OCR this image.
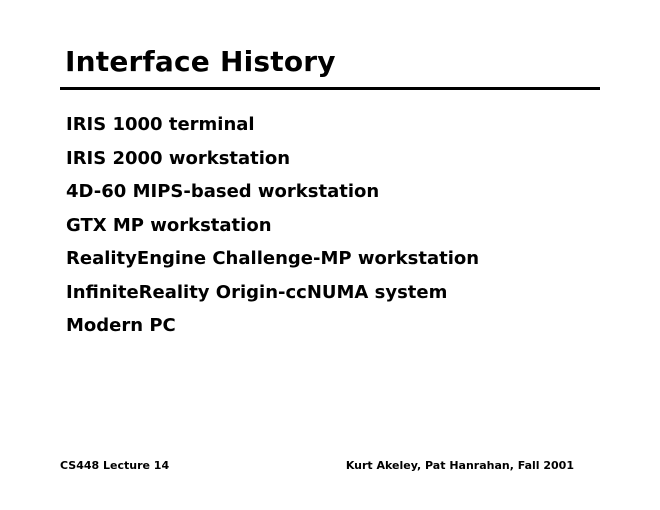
Interface History
IRIS 1000 terminal
IRIS 2000 workstation
4D-60 MIPS-based workstation
GTX MP workstation
RealityEngine Challenge-MP workstation
InfiniteReality Origin-ccNUMA system
Modern PC
CS448 Lecture 14	Kurt Akeley, Pat Hanrahan, Fall 2001
